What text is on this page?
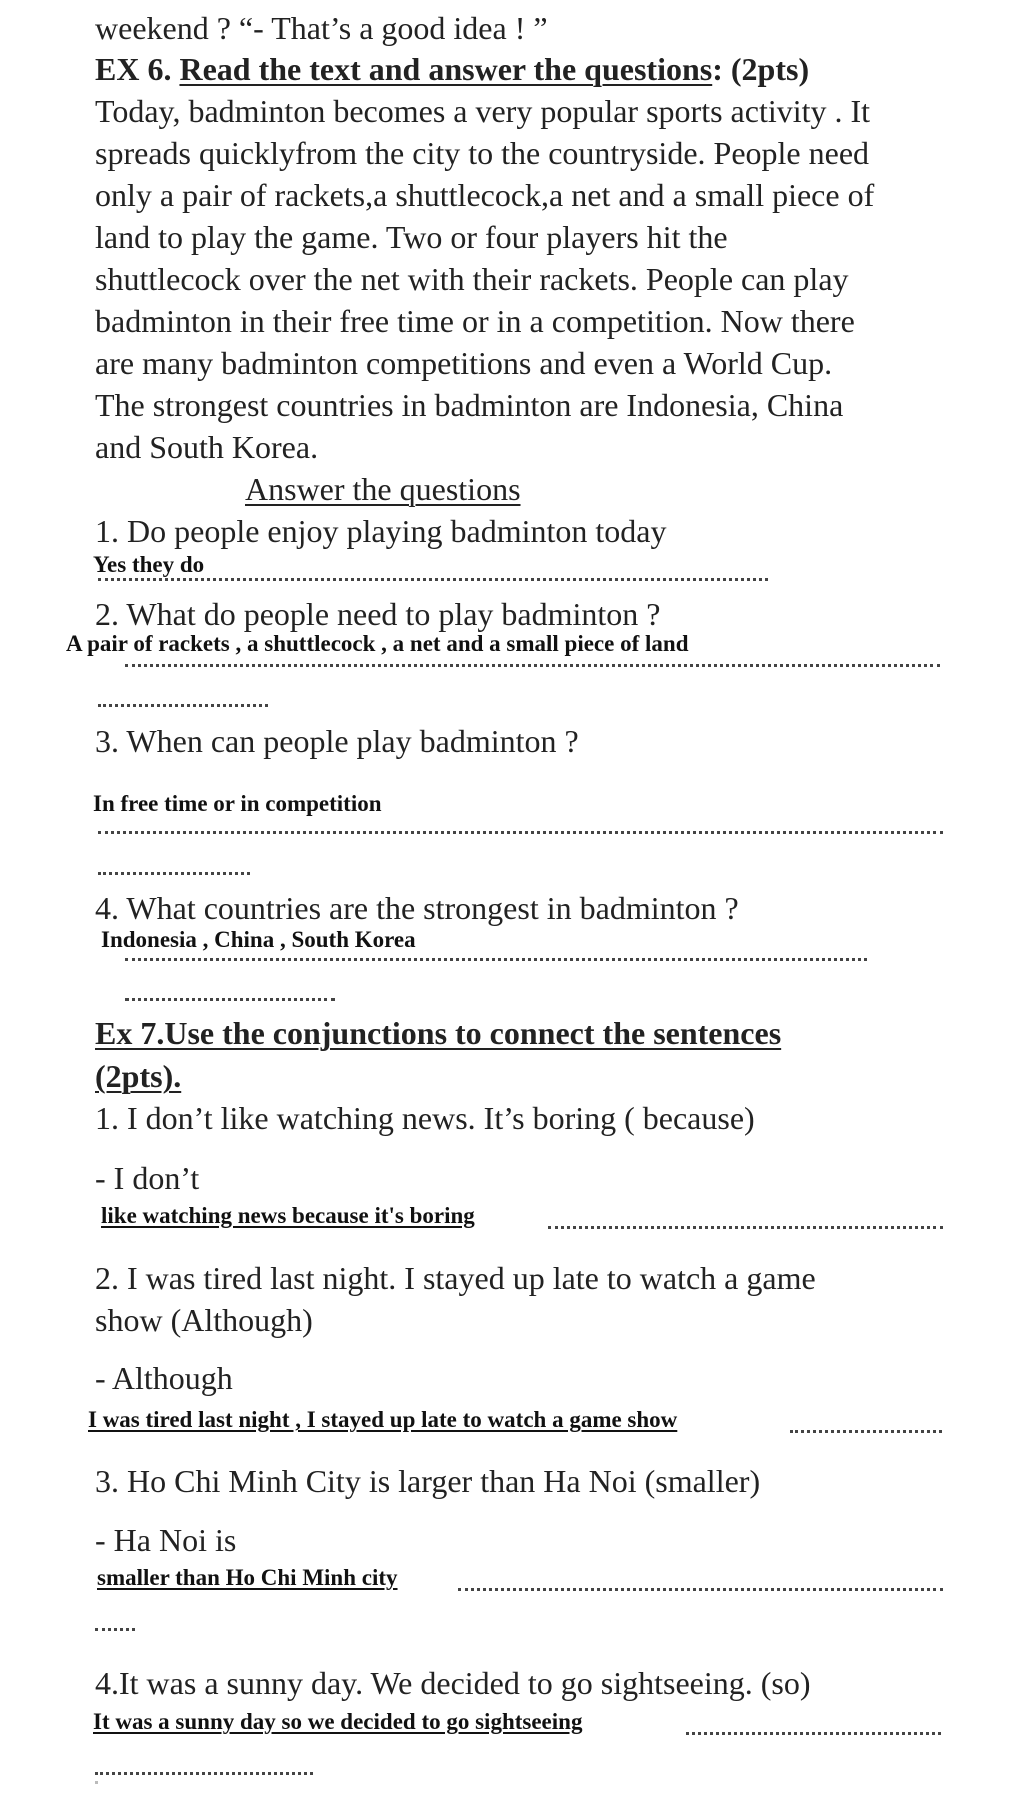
weekend ? “- That’s a good idea ! ”
EX 6. Read the text and answer the questions: (2pts)
Today, badminton becomes a very popular sports activity . It
spreads quicklyfrom the city to the countryside. People need
only a pair of rackets,a shuttlecock,a net and a small piece of
land to play the game. Two or four players hit the
shuttlecock over the net with their rackets. People can play
badminton in their free time or in a competition. Now there
are many badminton competitions and even a World Cup.
The strongest countries in badminton are Indonesia, China
and South Korea.
Answer the questions
1. Do people enjoy playing badminton today
Yes they do
2. What do people need to play badminton ?
A pair of rackets , a shuttlecock , a net and a small piece of land
3. When can people play badminton ?
In free time or in competition
4. What countries are the strongest in badminton ?
Indonesia , China , South Korea
Ex 7.Use the conjunctions to connect the sentences
(2pts).
1. I don’t like watching news. It’s boring ( because)
- I don’t
like watching news because it's boring
2. I was tired last night. I stayed up late to watch a game
show (Although)
- Although
I was tired last night , I stayed up late to watch a game show
3. Ho Chi Minh City is larger than Ha Noi (smaller)
- Ha Noi is
smaller than Ho Chi Minh city
4.It was a sunny day. We decided to go sightseeing. (so)
It was a sunny day so we decided to go sightseeing
